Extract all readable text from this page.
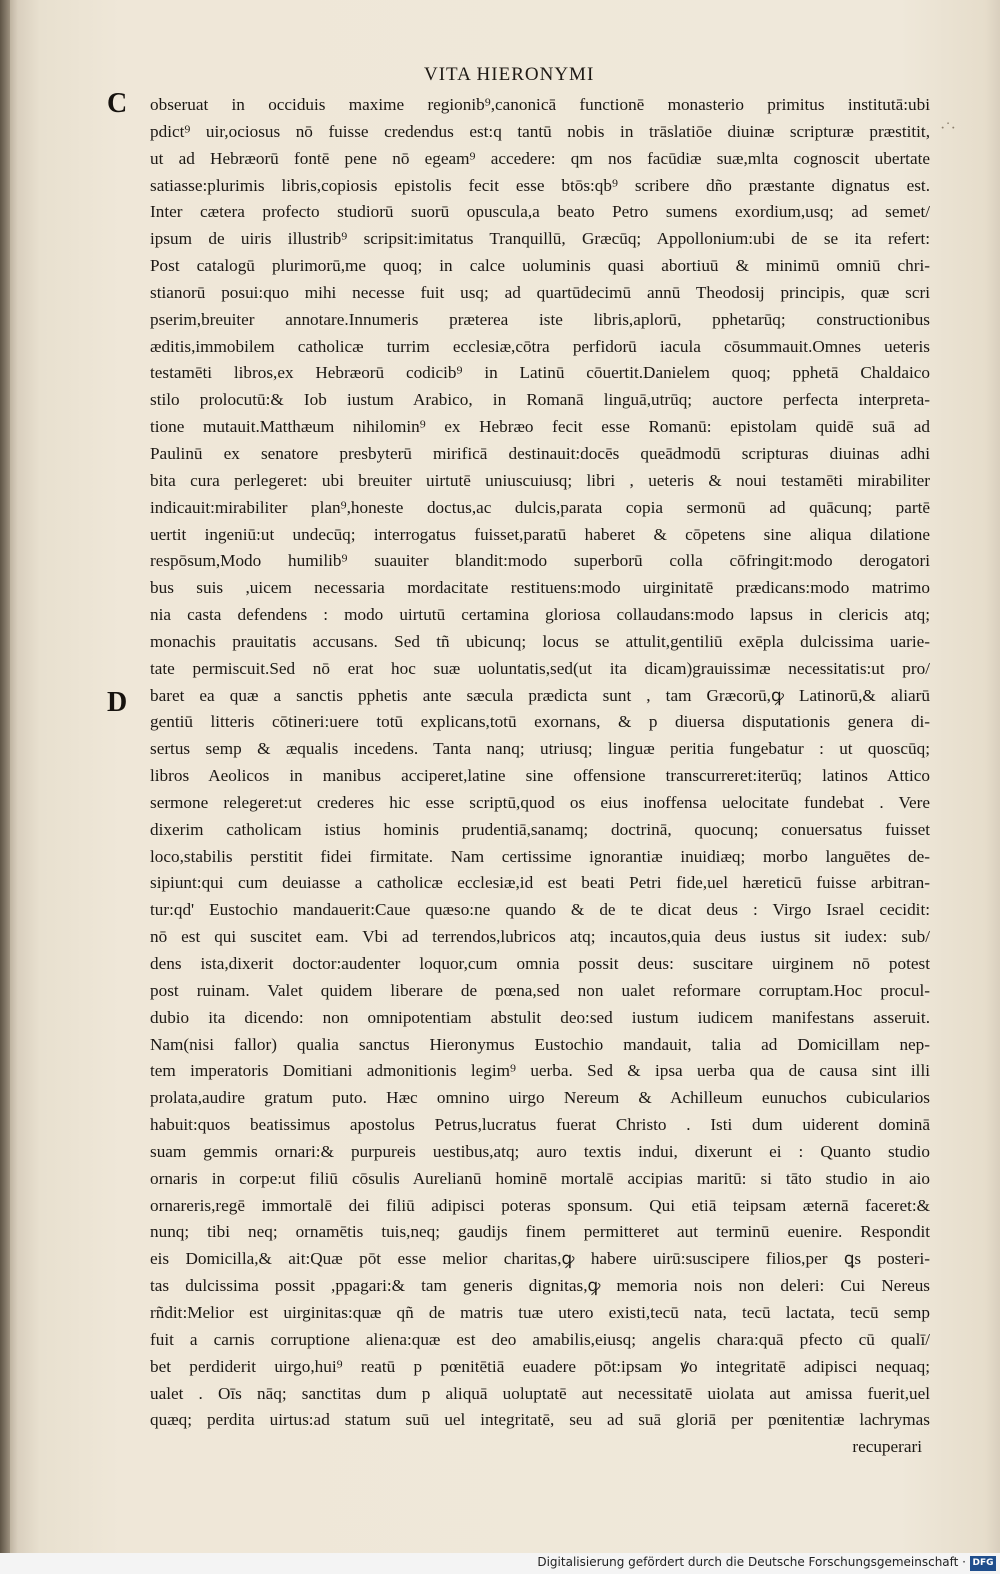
VITA HIERONYMI
·˙·
C
D
obseruat in occiduis maxime regionib⁹,canonicā functionē monasterio primitus institutā:ubi
pdict⁹ uir,ociosus nō fuisse credendus est:q tantū nobis in trāslatiōe diuinæ scripturæ præstitit,
ut ad Hebræorū fontē pene nō egeam⁹ accedere: qm nos facūdiæ suæ,mlta cognoscit ubertate
satiasse:plurimis libris,copiosis epistolis fecit esse btōs:qb⁹ scribere dño præstante dignatus est.
Inter cætera profecto studiorū suorū opuscula,a beato Petro sumens exordium,usq; ad semet/
ipsum de uiris illustrib⁹ scripsit:imitatus Tranquillū, Græcūq; Appollonium:ubi de se ita refert:
Post catalogū plurimorū,me quoq; in calce uoluminis quasi abortiuū & minimū omniū chri-
stianorū posui:quo mihi necesse fuit usq; ad quartūdecimū annū Theodosij principis, quæ scri
pserim,breuiter annotare.Innumeris præterea iste libris,aplorū, pphetarūq; constructionibus
æditis,immobilem catholicæ turrim ecclesiæ,cōtra perfidorū iacula cōsummauit.Omnes ueteris
testamēti libros,ex Hebræorū codicib⁹ in Latinū cōuertit.Danielem quoq; pphetā Chaldaico
stilo prolocutū:& Iob iustum Arabico, in Romanā linguā,utrūq; auctore perfecta interpreta-
tione mutauit.Matthæum nihilomin⁹ ex Hebræo fecit esse Romanū: epistolam quidē suā ad
Paulinū ex senatore presbyterū mirificā destinauit:docēs queādmodū scripturas diuinas adhi
bita cura perlegeret: ubi breuiter uirtutē uniuscuiusq; libri , ueteris & noui testamēti mirabiliter
indicauit:mirabiliter plan⁹,honeste doctus,ac dulcis,parata copia sermonū ad quācunq; partē
uertit ingeniū:ut undecūq; interrogatus fuisset,paratū haberet & cōpetens sine aliqua dilatione
respōsum,Modo humilib⁹ suauiter blandit:modo superborū colla cōfringit:modo derogatori
bus suis ,uicem necessaria mordacitate restituens:modo uirginitatē prædicans:modo matrimo
nia casta defendens : modo uirtutū certamina gloriosa collaudans:modo lapsus in clericis atq;
monachis prauitatis accusans. Sed tñ ubicunq; locus se attulit,gentiliū exēpla dulcissima uarie-
tate permiscuit.Sed nō erat hoc suæ uoluntatis,sed(ut ita dicam)grauissimæ necessitatis:ut pro/
baret ea quæ a sanctis pphetis ante sæcula prædicta sunt , tam Græcorū,ꝙ Latinorū,& aliarū
gentiū litteris cōtineri:uere totū explicans,totū exornans, & p diuersa disputationis genera di-
sertus semp & æqualis incedens. Tanta nanq; utriusq; linguæ peritia fungebatur : ut quoscūq;
libros Aeolicos in manibus acciperet,latine sine offensione transcurreret:iterūq; latinos Attico
sermone relegeret:ut crederes hic esse scriptū,quod os eius inoffensa uelocitate fundebat . Vere
dixerim catholicam istius hominis prudentiā,sanamq; doctrinā, quocunq; conuersatus fuisset
loco,stabilis perstitit fidei firmitate. Nam certissime ignorantiæ inuidiæq; morbo languētes de-
sipiunt:qui cum deuiasse a catholicæ ecclesiæ,id est beati Petri fide,uel hæreticū fuisse arbitran-
tur:qd' Eustochio mandauerit:Caue quæso:ne quando & de te dicat deus : Virgo Israel cecidit:
nō est qui suscitet eam. Vbi ad terrendos,lubricos atq; incautos,quia deus iustus sit iudex: sub/
dens ista,dixerit doctor:audenter loquor,cum omnia possit deus: suscitare uirginem nō potest
post ruinam. Valet quidem liberare de pœna,sed non ualet reformare corruptam.Hoc procul-
dubio ita dicendo: non omnipotentiam abstulit deo:sed iustum iudicem manifestans asseruit.
Nam(nisi fallor) qualia sanctus Hieronymus Eustochio mandauit, talia ad Domicillam nep-
tem imperatoris Domitiani admonitionis legim⁹ uerba. Sed & ipsa uerba qua de causa sint illi
prolata,audire gratum puto. Hæc omnino uirgo Nereum & Achilleum eunuchos cubicularios
habuit:quos beatissimus apostolus Petrus,lucratus fuerat Christo . Isti dum uiderent dominā
suam gemmis ornari:& purpureis uestibus,atq; auro textis indui, dixerunt ei : Quanto studio
ornaris in corpe:ut filiū cōsulis Aurelianū hominē mortalē accipias maritū: si tāto studio in aio
ornareris,regē immortalē dei filiū adipisci poteras sponsum. Qui etiā teipsam æternā faceret:&
nunq; tibi neq; ornamētis tuis,neq; gaudijs finem permitteret aut terminū euenire. Respondit
eis Domicilla,& ait:Quæ pōt esse melior charitas,ꝙ habere uirū:suscipere filios,per ꝗs posteri-
tas dulcissima possit ,ppagari:& tam generis dignitas,ꝙ memoria nois non deleri: Cui Nereus
rñdit:Melior est uirginitas:quæ qñ de matris tuæ utero existi,tecū nata, tecū lactata, tecū semp
fuit a carnis corruptione aliena:quæ est deo amabilis,eiusq; angelis chara:quā pfecto cū qualī/
bet perdiderit uirgo,hui⁹ reatū p pœnitētiā euadere pōt:ipsam ꝟo integritatē adipisci nequaq;
ualet . Oīs nāq; sanctitas dum p aliquā uoluptatē aut necessitatē uiolata aut amissa fuerit,uel
quæq; perdita uirtus:ad statum suū uel integritatē, seu ad suā gloriā per pœnitentiæ lachrymas
recuperari
Digitalisierung gefördert durch die Deutsche Forschungsgemeinschaft · DFG
